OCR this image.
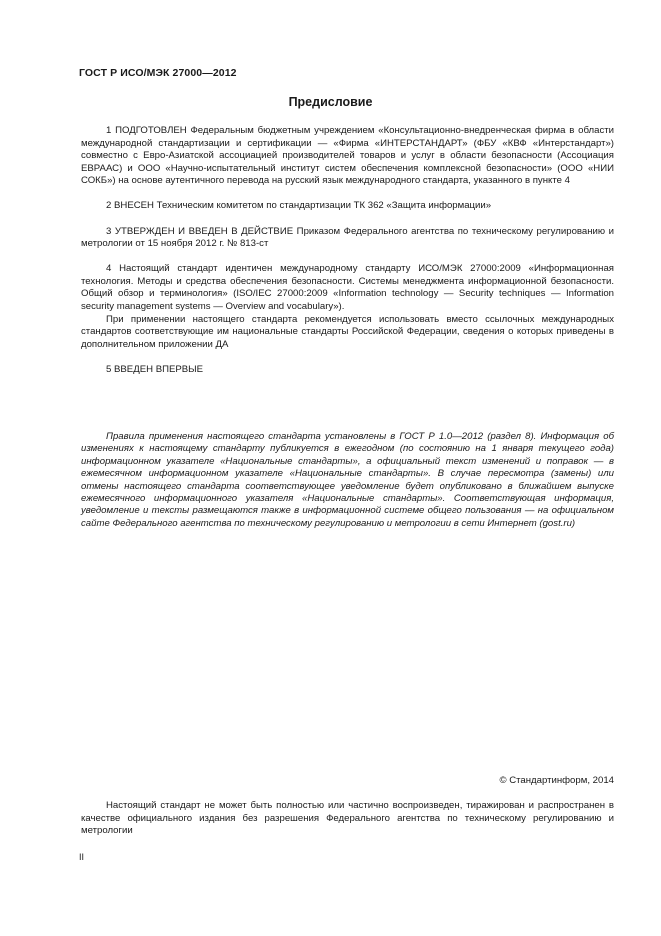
ГОСТ Р ИСО/МЭК 27000—2012
Предисловие

1 ПОДГОТОВЛЕН Федеральным бюджетным учреждением «Консультационно-внедренческая фирма в области международной стандартизации и сертификации — «Фирма «ИНТЕРСТАНДАРТ» (ФБУ «КВФ «Интерстандарт») совместно с Евро-Азиатской ассоциацией производителей товаров и услуг в области безопасности (Ассоциация ЕВРААС) и ООО «Научно-испытательный институт систем обеспечения комплексной безопасности» (ООО «НИИ СОКБ») на основе аутентичного перевода на русский язык международного стандарта, указанного в пункте 4

2 ВНЕСЕН Техническим комитетом по стандартизации ТК 362 «Защита информации»

3 УТВЕРЖДЕН И ВВЕДЕН В ДЕЙСТВИЕ Приказом Федерального агентства по техническому регулированию и метрологии от 15 ноября 2012 г. № 813-ст

4 Настоящий стандарт идентичен международному стандарту ИСО/МЭК 27000:2009 «Информационная технология. Методы и средства обеспечения безопасности. Системы менеджмента информационной безопасности. Общий обзор и терминология» (ISO/IEC 27000:2009 «Information technology — Security techniques — Information security management systems — Overview and vocabulary»).

При применении настоящего стандарта рекомендуется использовать вместо ссылочных международных стандартов соответствующие им национальные стандарты Российской Федерации, сведения о которых приведены в дополнительном приложении ДА

5 ВВЕДЕН ВПЕРВЫЕ

Правила применения настоящего стандарта установлены в ГОСТ Р 1.0—2012 (раздел 8). Информация об изменениях к настоящему стандарту публикуется в ежегодном (по состоянию на 1 января текущего года) информационном указателе «Национальные стандарты», а официальный текст изменений и поправок — в ежемесячном информационном указателе «Национальные стандарты». В случае пересмотра (замены) или отмены настоящего стандарта соответствующее уведомление будет опубликовано в ближайшем выпуске ежемесячного информационного указателя «Национальные стандарты». Соответствующая информация, уведомление и тексты размещаются также в информационной системе общего пользования — на официальном сайте Федерального агентства по техническому регулированию и метрологии в сети Интернет (gost.ru)

© Стандартинформ, 2014

Настоящий стандарт не может быть полностью или частично воспроизведен, тиражирован и распространен в качестве официального издания без разрешения Федерального агентства по техническому регулированию и метрологии

II
